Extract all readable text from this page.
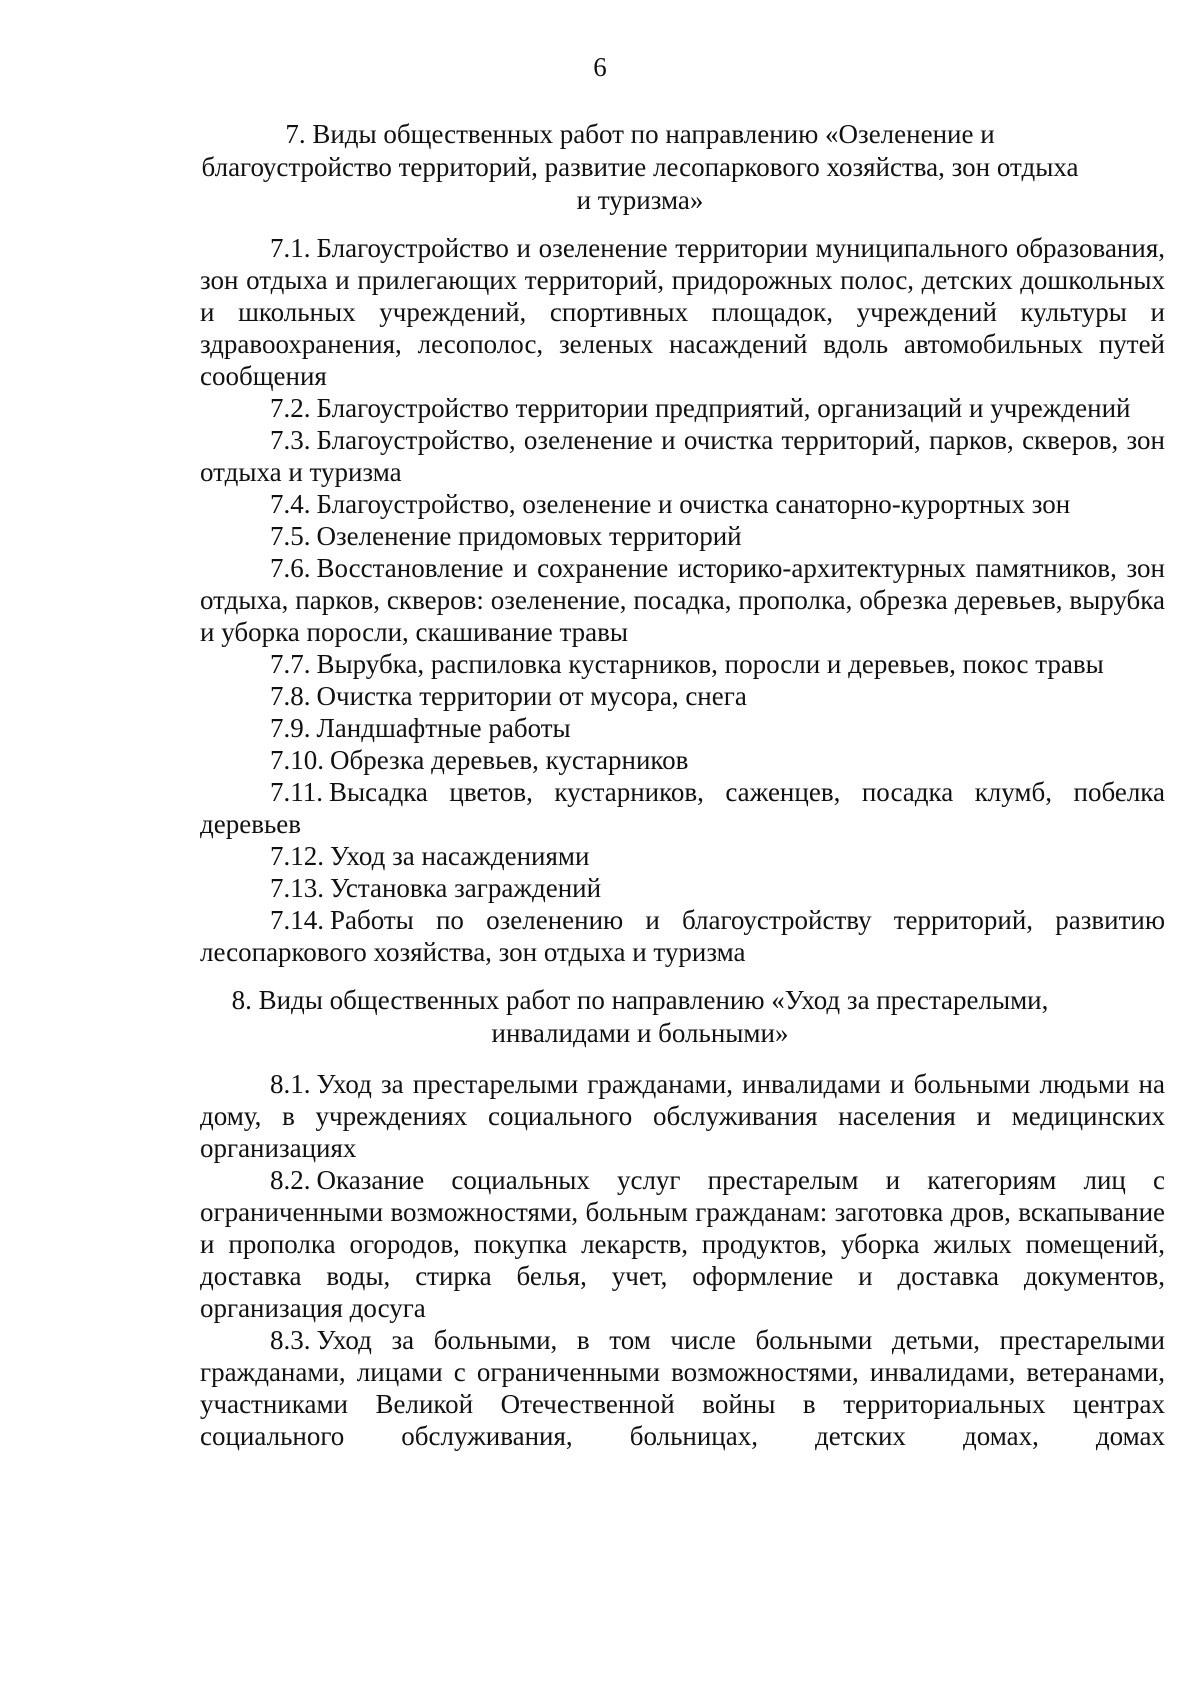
6
7. Виды общественных работ по направлению «Озеленение и
благоустройство территорий, развитие лесопаркового хозяйства, зон отдыха
и туризма»

7.1. Благоустройство и озеленение территории муниципального образования, зон отдыха и прилегающих территорий, придорожных полос, детских дошкольных и школьных учреждений, спортивных площадок, учреждений культуры и здравоохранения, лесополос, зеленых насаждений вдоль автомобильных путей сообщения

7.2. Благоустройство территории предприятий, организаций и учреждений

7.3. Благоустройство, озеленение и очистка территорий, парков, скверов, зон отдыха и туризма

7.4. Благоустройство, озеленение и очистка санаторно-курортных зон

7.5. Озеленение придомовых территорий

7.6. Восстановление и сохранение историко-архитектурных памятников, зон отдыха, парков, скверов: озеленение, посадка, прополка, обрезка деревьев, вырубка и уборка поросли, скашивание травы

7.7. Вырубка, распиловка кустарников, поросли и деревьев, покос травы

7.8. Очистка территории от мусора, снега

7.9. Ландшафтные работы

7.10. Обрезка деревьев, кустарников

7.11. Высадка цветов, кустарников, саженцев, посадка клумб, побелка деревьев

7.12. Уход за насаждениями

7.13. Установка заграждений

7.14. Работы по озеленению и благоустройству территорий, развитию лесопаркового хозяйства, зон отдыха и туризма

8. Виды общественных работ по направлению «Уход за престарелыми,
инвалидами и больными»

8.1. Уход за престарелыми гражданами, инвалидами и больными людьми на дому, в учреждениях социального обслуживания населения и медицинских организациях

8.2. Оказание социальных услуг престарелым и категориям лиц с ограниченными возможностями, больным гражданам: заготовка дров, вскапывание и прополка огородов, покупка лекарств, продуктов, уборка жилых помещений, доставка воды, стирка белья, учет, оформление и доставка документов, организация досуга

8.3. Уход за больными, в том числе больными детьми, престарелыми гражданами, лицами с ограниченными возможностями, инвалидами, ветеранами, участниками Великой Отечественной войны в территориальных центрах социального обслуживания, больницах, детских домах, домах
